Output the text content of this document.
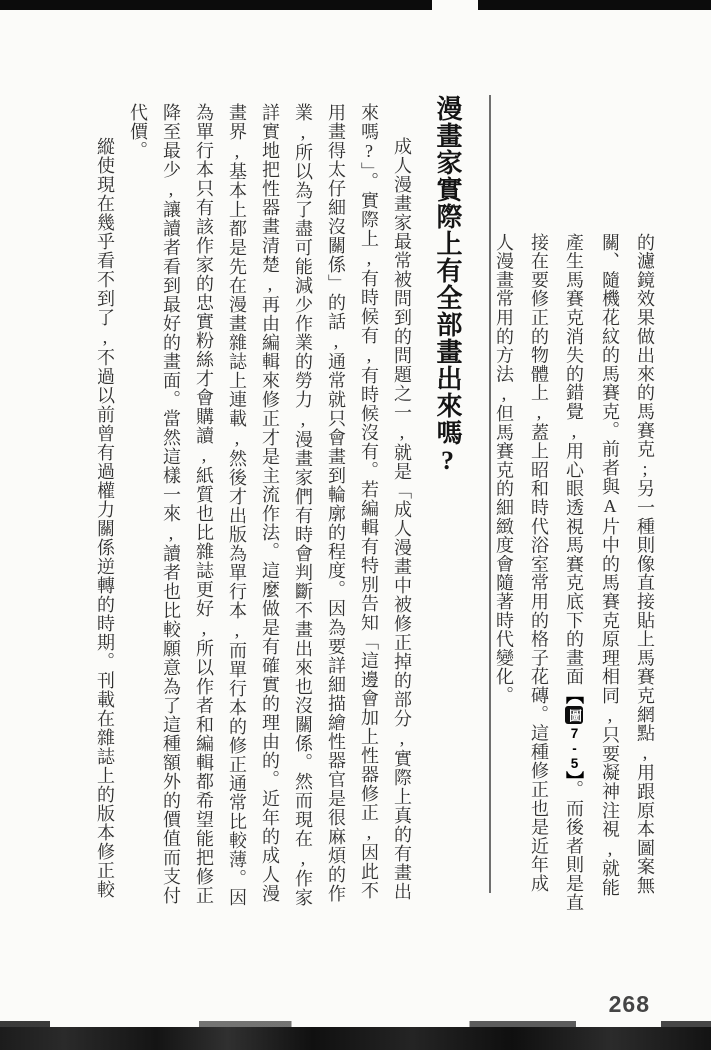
的濾鏡效果做出來的馬賽克;另一種則像直接貼上馬賽克網點,用跟原本圖案無

關、隨機花紋的馬賽克。前者與A片中的馬賽克原理相同,只要凝神注視,就能

產生馬賽克消失的錯覺,用心眼透視馬賽克底下的畫面【圖7-5】。而後者則是直

接在要修正的物體上,蓋上昭和時代浴室常用的格子花磚。這種修正也是近年成

人漫畫常用的方法,但馬賽克的細緻度會隨著時代變化。

漫畫家實際上有全部畫出來嗎?

成人漫畫家最常被問到的問題之一,就是「成人漫畫中被修正掉的部分,實際上真的有畫出

來嗎?」。實際上,有時候有,有時候沒有。若編輯有特別告知「這邊會加上性器修正,因此不

用畫得太仔細沒關係」的話,通常就只會畫到輪廓的程度。因為要詳細描繪性器官是很麻煩的作

業,所以為了盡可能減少作業的勞力,漫畫家們有時會判斷不畫出來也沒關係。然而現在,作家

詳實地把性器畫清楚,再由編輯來修正才是主流作法。這麼做是有確實的理由的。近年的成人漫

畫界,基本上都是先在漫畫雜誌上連載,然後才出版為單行本,而單行本的修正通常比較薄。因

為單行本只有該作家的忠實粉絲才會購讀,紙質也比雜誌更好,所以作者和編輯都希望能把修正

降至最少,讓讀者看到最好的畫面。當然這樣一來,讀者也比較願意為了這種額外的價值而支付

代價。

縱使現在幾乎看不到了,不過以前曾有過權力關係逆轉的時期。刊載在雜誌上的版本修正較

268
